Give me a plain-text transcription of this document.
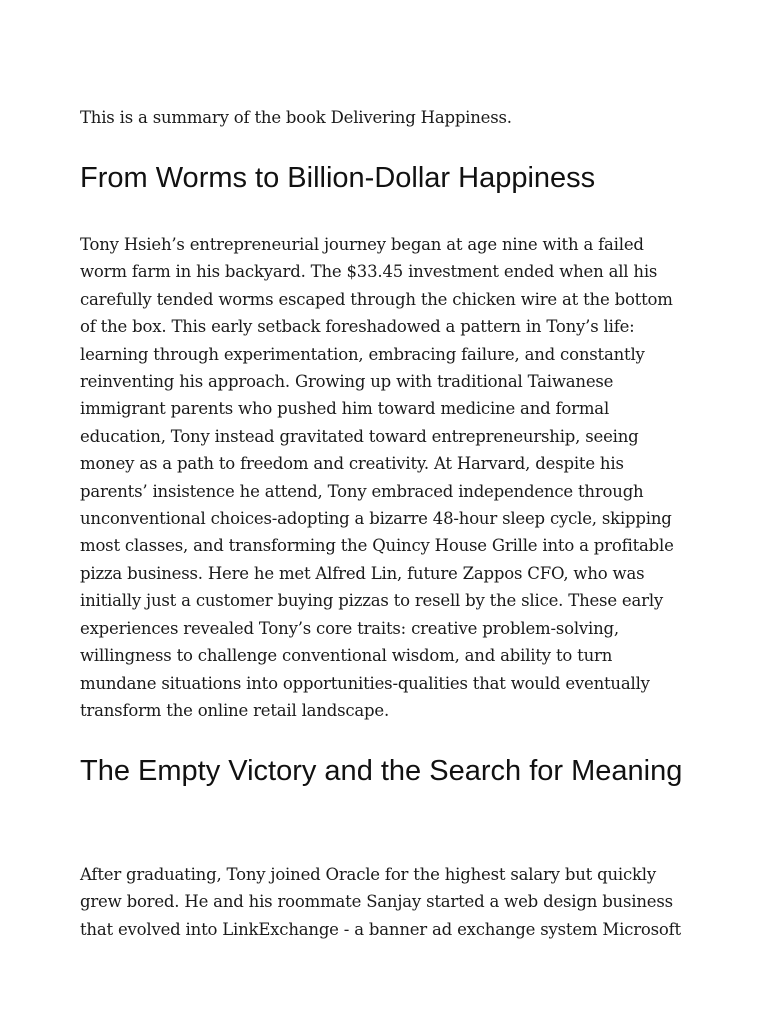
This is a summary of the book Delivering Happiness.

From Worms to Billion-Dollar Happiness

Tony Hsieh’s entrepreneurial journey began at age nine with a failed worm farm in his backyard. The $33.45 investment ended when all his carefully tended worms escaped through the chicken wire at the bottom of the box. This early setback foreshadowed a pattern in Tony’s life: learning through experimentation, embracing failure, and constantly reinventing his approach. Growing up with traditional Taiwanese immigrant parents who pushed him toward medicine and formal education, Tony instead gravitated toward entrepreneurship, seeing money as a path to freedom and creativity. At Harvard, despite his parents’ insistence he attend, Tony embraced independence through unconventional choices-adopting a bizarre 48-hour sleep cycle, skipping most classes, and transforming the Quincy House Grille into a profitable pizza business. Here he met Alfred Lin, future Zappos CFO, who was initially just a customer buying pizzas to resell by the slice. These early experiences revealed Tony’s core traits: creative problem-solving, willingness to challenge conventional wisdom, and ability to turn mundane situations into opportunities-qualities that would eventually transform the online retail landscape.

The Empty Victory and the Search for Meaning

After graduating, Tony joined Oracle for the highest salary but quickly grew bored. He and his roommate Sanjay started a web design business that evolved into LinkExchange - a banner ad exchange system Microsoft
